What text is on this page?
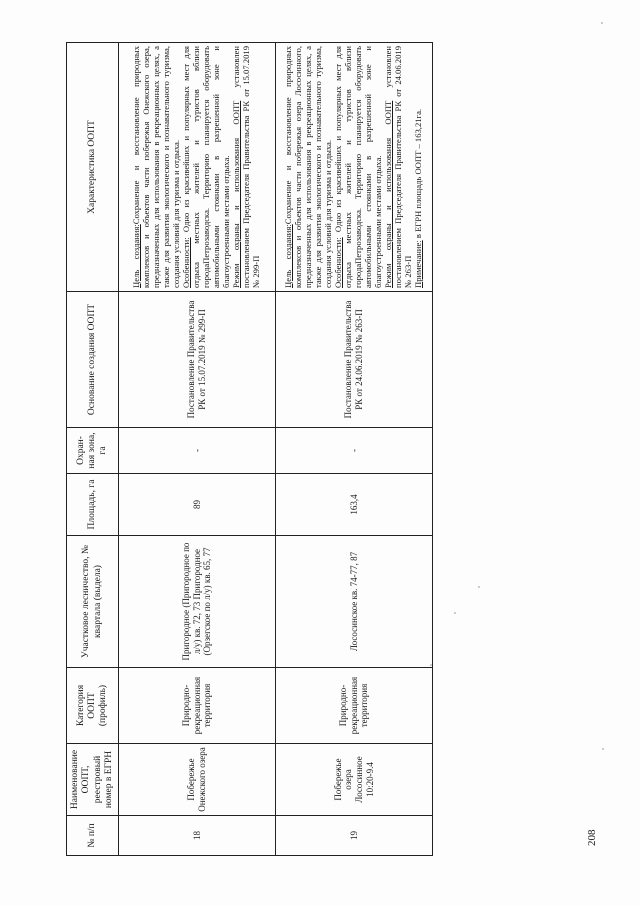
№ п/п	Наименование ООПТ, реестровый номер в ЕГРН	Категория ООПТ (профиль)	Участковое лесничество, № квартала (выдела)	Площадь, га	Охран-ная зона, га	Основание создания ООПТ	Характеристика ООПТ
18	Побережье Онежского озера	Природно-рекреационная территория	Пригородное (Пригородное по л/у) кв. 72, 73 Пригородное (Орзегское по л/у) кв. 65, 77	89	-	Постановление Правительства РК от 15.07.2019 № 299-П	Цель создания:Сохранение и восстановление природных комплексов и объектов части побережья Онежского озера, предназначенных для использования в рекреационных целях, а также для развития экологического и познавательного туризма, создания условий для туризма и отдыха.
Особенности: Одно из красивейших и популярных мест для отдыха местных жителей и туристов вблизи городаПетрозаводска. Территорию планируется оборудовать автомобильными стоянками в разрешенной зоне и благоустроенными местами отдыха.
Режим охраны и использования ООПТ установлен постановлением Председателя Правительства РК от 15.07.2019 № 299-П
19	Побережье озера Лососинное 10:20-9.4	Природно-рекреационная территория	Лососинское кв. 74-77, 87	163,4	-	Постановление Правительства РК от 24.06.2019 № 263-П	Цель создания:Сохранение и восстановление природных комплексов и объектов части побережья озера Лососинного, предназначенных для использования в рекреационных целях, а также для развития экологического и познавательного туризма, создания условий для туризма и отдыха.
Особенности: Одно из красивейших и популярных мест для отдыха местных жителей и туристов вблизи городаПетрозаводска. Территорию планируется оборудовать автомобильными стоянками в разрешенной зоне и благоустроенными местами отдыха.
Режим охраны и использования ООПТ установлен постановлением Председателя Правительства РК от 24.06.2019 № 263-П
Примечание: в ЕГРН площадь ООПТ – 163,21га.
208
